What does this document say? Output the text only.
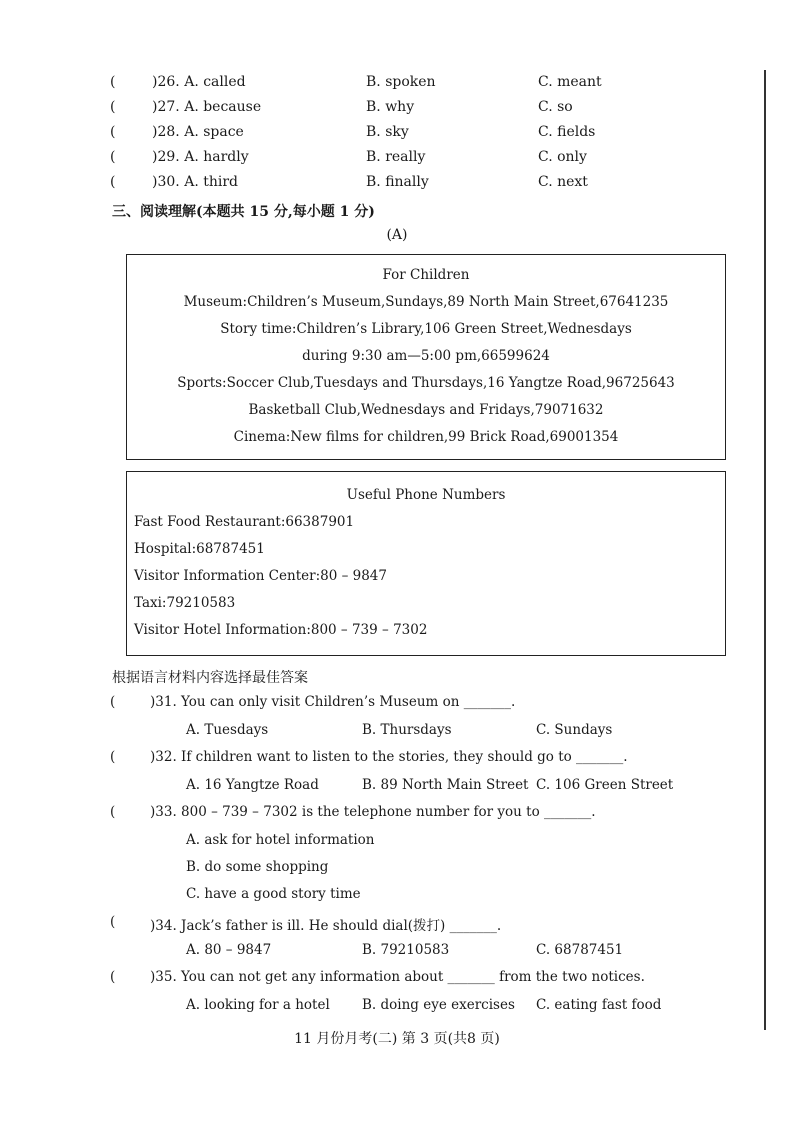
(	)26. A. called	B. spoken	C. meant
(	)27. A. because	B. why	C. so
(	)28. A. space	B. sky	C. fields
(	)29. A. hardly	B. really	C. only
(	)30. A. third	B. finally	C. next
三、阅读理解(本题共 15 分,每小题 1 分)
(A)
For Children
Museum:Children’s Museum,Sundays,89 North Main Street,67641235
Story time:Children’s Library,106 Green Street,Wednesdays
during 9:30 am—5:00 pm,66599624
Sports:Soccer Club,Tuesdays and Thursdays,16 Yangtze Road,96725643
Basketball Club,Wednesdays and Fridays,79071632
Cinema:New films for children,99 Brick Road,69001354
Useful Phone Numbers
Fast Food Restaurant:66387901
Hospital:68787451
Visitor Information Center:80 – 9847
Taxi:79210583
Visitor Hotel Information:800 – 739 – 7302
根据语言材料内容选择最佳答案
(	)31. You can only visit Children’s Museum on _______.
A. Tuesdays	B. Thursdays	C. Sundays
(	)32. If children want to listen to the stories, they should go to _______.
A. 16 Yangtze Road	B. 89 North Main Street C. 106 Green Street
(	)33. 800 – 739 – 7302 is the telephone number for you to _______.
A. ask for hotel information
B. do some shopping
C. have a good story time
(	)34. Jack’s father is ill. He should dial(拨打) _______.
A. 80 – 9847	B. 79210583	C. 68787451
(	)35. You can not get any information about _______ from the two notices.
A. looking for a hotel B. doing eye exercises C. eating fast food
11 月份月考(二) 第 3 页(共8 页)
